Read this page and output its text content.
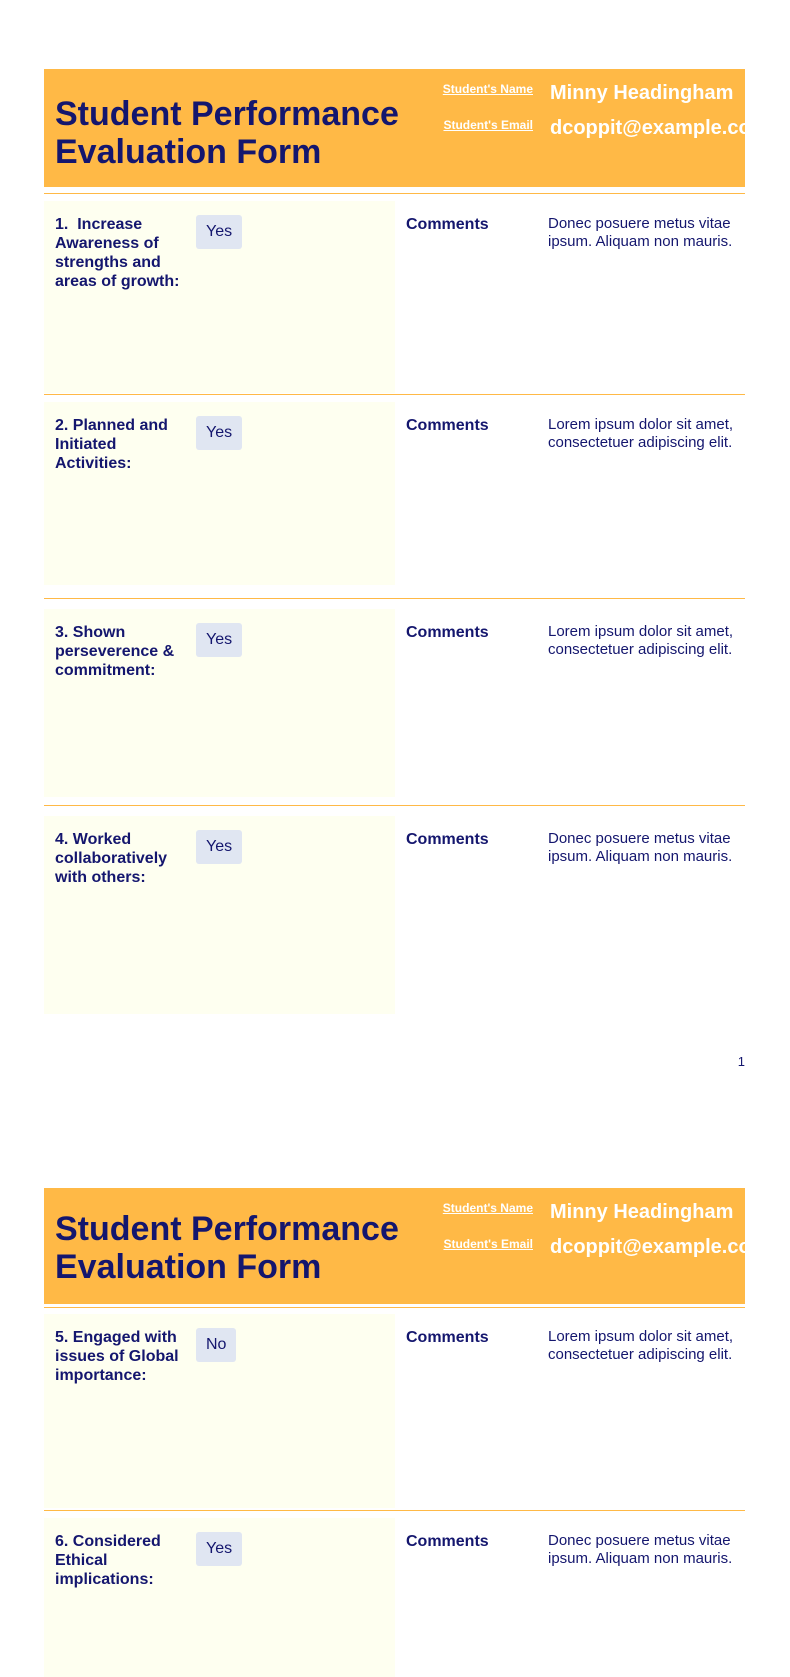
Student Performance Evaluation Form
Student's Name Minny Headingham
Student's Email dcoppit@example.com
1.  Increase Awareness of strengths and areas of growth:
Yes	Comments	Donec posuere metus vitae ipsum. Aliquam non mauris.
2. Planned and Initiated Activities:
Yes	Comments	Lorem ipsum dolor sit amet, consectetuer adipiscing elit.
3. Shown perseverence & commitment:
Yes	Comments	Lorem ipsum dolor sit amet, consectetuer adipiscing elit.
4. Worked collaboratively with others:
Yes	Comments	Donec posuere metus vitae ipsum. Aliquam non mauris.
1
Student Performance Evaluation Form
Student's Name Minny Headingham
Student's Email dcoppit@example.com
5. Engaged with issues of Global importance:
No	Comments	Lorem ipsum dolor sit amet, consectetuer adipiscing elit.
6. Considered Ethical implications:
Yes	Comments	Donec posuere metus vitae ipsum. Aliquam non mauris.
